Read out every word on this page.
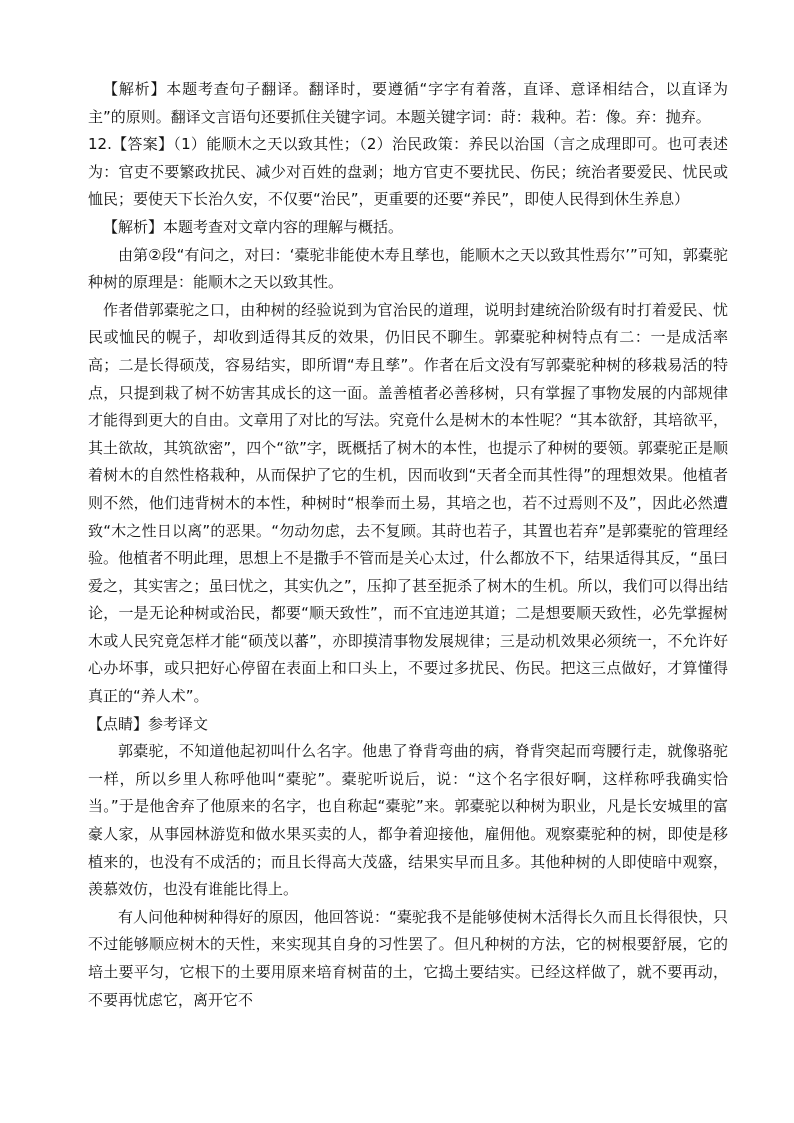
【解析】本题考查句子翻译。翻译时，要遵循“字字有着落，直译、意译相结合，以直译为主”的原则。翻译文言语句还要抓住关键字词。本题关键字词：莳：栽种。若：像。弃：抛弃。

12.【答案】（1）能顺木之天以致其性；（2）治民政策：养民以治国（言之成理即可。也可表述为：官吏不要繁政扰民、减少对百姓的盘剥；地方官吏不要扰民、伤民；统治者要爱民、忧民或恤民；要使天下长治久安，不仅要“治民”，更重要的还要“养民”，即使人民得到休生养息）

【解析】本题考查对文章内容的理解与概括。

由第②段“有问之，对曰：‘橐驼非能使木寿且孳也，能顺木之天以致其性焉尔’”可知，郭橐驼种树的原理是：能顺木之天以致其性。

作者借郭橐驼之口，由种树的经验说到为官治民的道理，说明封建统治阶级有时打着爱民、忧民或恤民的幌子，却收到适得其反的效果，仍旧民不聊生。郭橐驼种树特点有二：一是成活率高；二是长得硕茂，容易结实，即所谓“寿且孳”。作者在后文没有写郭橐驼种树的移栽易活的特点，只提到栽了树不妨害其成长的这一面。盖善植者必善移树，只有掌握了事物发展的内部规律才能得到更大的自由。文章用了对比的写法。究竟什么是树木的本性呢？“其本欲舒，其培欲平，其土欲故，其筑欲密”，四个“欲”字，既概括了树木的本性，也提示了种树的要领。郭橐驼正是顺着树木的自然性格栽种，从而保护了它的生机，因而收到“天者全而其性得”的理想效果。他植者则不然，他们违背树木的本性，种树时“根拳而土易，其培之也，若不过焉则不及”，因此必然遭致“木之性日以离”的恶果。“勿动勿虑，去不复顾。其莳也若子，其置也若弃”是郭橐驼的管理经验。他植者不明此理，思想上不是撒手不管而是关心太过，什么都放不下，结果适得其反，“虽曰爱之，其实害之；虽曰忧之，其实仇之”，压抑了甚至扼杀了树木的生机。所以，我们可以得出结论，一是无论种树或治民，都要“顺天致性”，而不宜违逆其道；二是想要顺天致性，必先掌握树木或人民究竟怎样才能“硕茂以蕃”，亦即摸清事物发展规律；三是动机效果必须统一，不允许好心办坏事，或只把好心停留在表面上和口头上，不要过多扰民、伤民。把这三点做好，才算懂得真正的“养人术”。

【点睛】参考译文

郭橐驼，不知道他起初叫什么名字。他患了脊背弯曲的病，脊背突起而弯腰行走，就像骆驼一样，所以乡里人称呼他叫“橐驼”。橐驼听说后，说：“这个名字很好啊，这样称呼我确实恰当。”于是他舍弃了他原来的名字，也自称起“橐驼”来。郭橐驼以种树为职业，凡是长安城里的富豪人家，从事园林游览和做水果买卖的人，都争着迎接他，雇佣他。观察橐驼种的树，即使是移植来的，也没有不成活的；而且长得高大茂盛，结果实早而且多。其他种树的人即使暗中观察，羡慕效仿，也没有谁能比得上。

有人问他种树种得好的原因，他回答说：“橐驼我不是能够使树木活得长久而且长得很快，只不过能够顺应树木的天性，来实现其自身的习性罢了。但凡种树的方法，它的树根要舒展，它的培土要平匀，它根下的土要用原来培育树苗的土，它捣土要结实。已经这样做了，就不要再动，不要再忧虑它，离开它不
